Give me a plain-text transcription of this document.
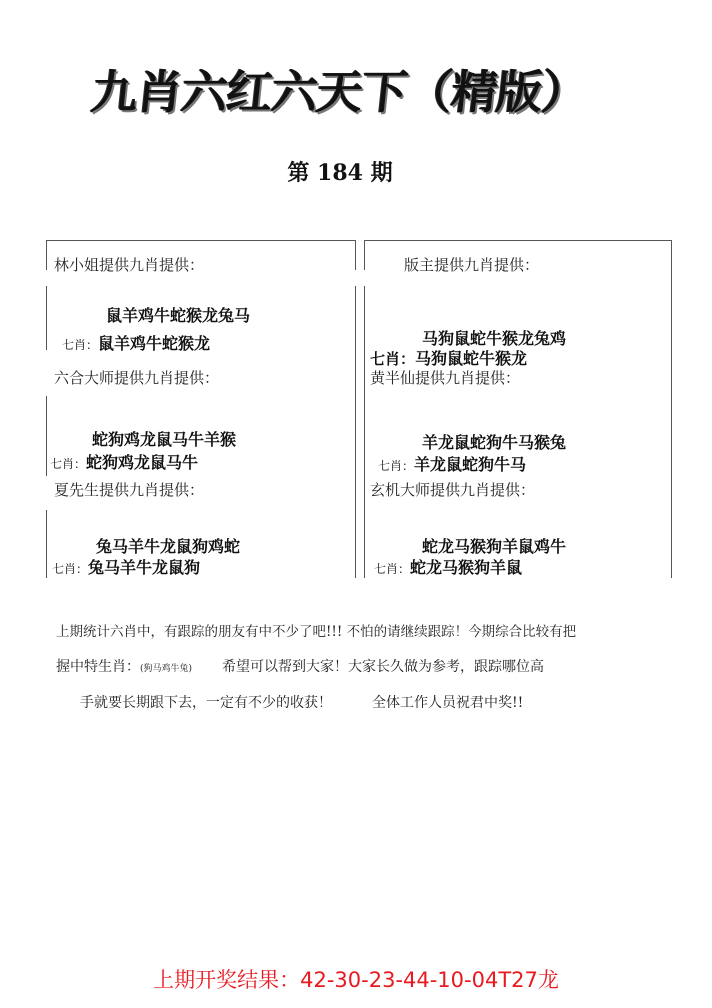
九肖六红六天下（精版）
第 184 期
林小姐提供九肖提供：
鼠羊鸡牛蛇猴龙兔马
七肖：鼠羊鸡牛蛇猴龙
版主提供九肖提供：
马狗鼠蛇牛猴龙兔鸡
七肖：马狗鼠蛇牛猴龙
六合大师提供九肖提供：
蛇狗鸡龙鼠马牛羊猴
七肖：蛇狗鸡龙鼠马牛
黄半仙提供九肖提供：
羊龙鼠蛇狗牛马猴兔
七肖：羊龙鼠蛇狗牛马
夏先生提供九肖提供：
兔马羊牛龙鼠狗鸡蛇
七肖：兔马羊牛龙鼠狗
玄机大师提供九肖提供：
蛇龙马猴狗羊鼠鸡牛
七肖：蛇龙马猴狗羊鼠
上期统计六肖中，有跟踪的朋友有中不少了吧!!! 不怕的请继续跟踪！今期综合比较有把
握中特生肖：(狗马鸡牛兔) 希望可以帮到大家！大家长久做为参考，跟踪哪位高
手就要长期跟下去，一定有不少的收获！	全体工作人员祝君中奖!!
上期开奖结果：42-30-23-44-10-04T27龙
